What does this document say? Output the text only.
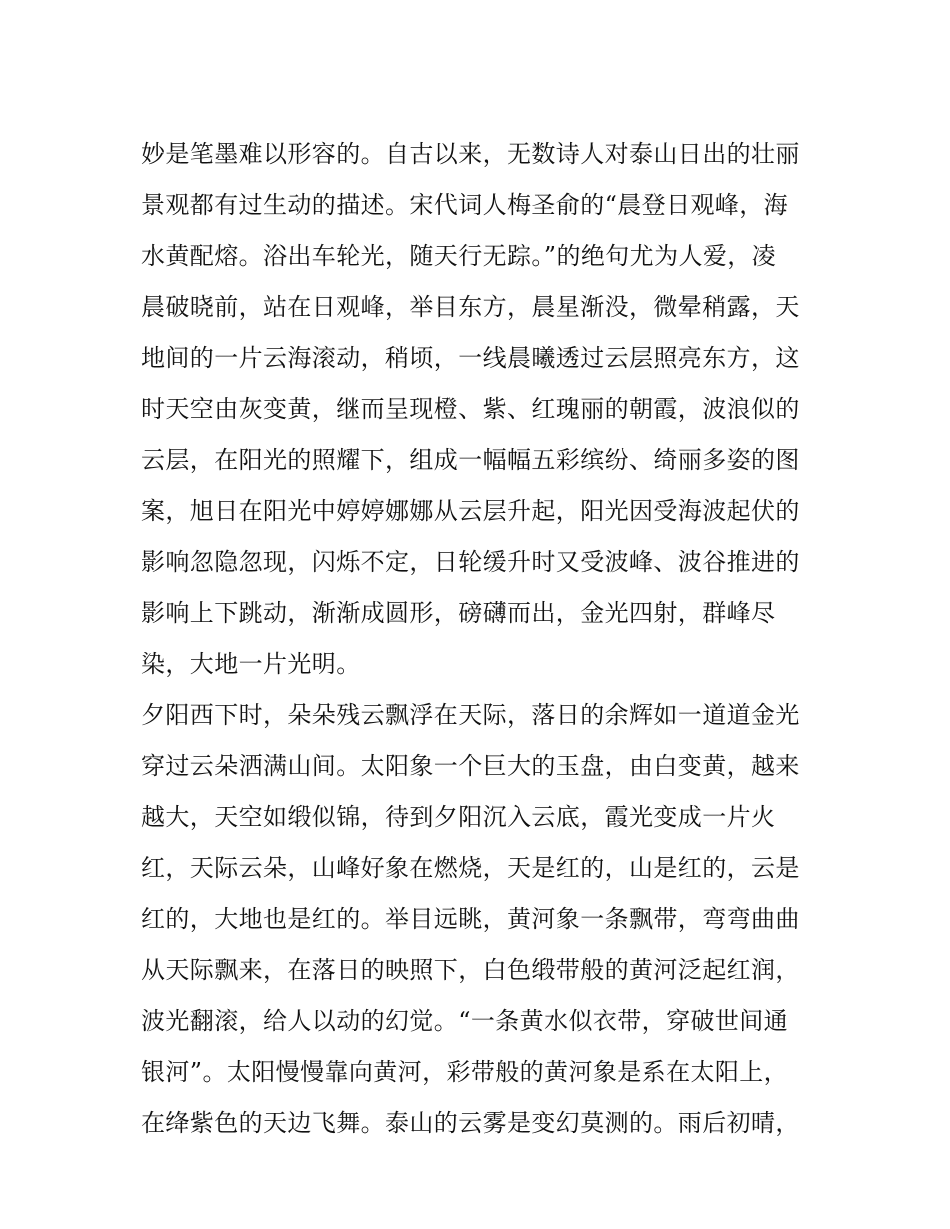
妙是笔墨难以形容的。自古以来，无数诗人对泰山日出的壮丽
景观都有过生动的描述。宋代词人梅圣俞的“晨登日观峰，海
水黄配熔。浴出车轮光，随天行无踪。”的绝句尤为人爱，凌
晨破晓前，站在日观峰，举目东方，晨星渐没，微晕稍露，天
地间的一片云海滚动，稍顷，一线晨曦透过云层照亮东方，这
时天空由灰变黄，继而呈现橙、紫、红瑰丽的朝霞，波浪似的
云层，在阳光的照耀下，组成一幅幅五彩缤纷、绮丽多姿的图
案，旭日在阳光中婷婷娜娜从云层升起，阳光因受海波起伏的
影响忽隐忽现，闪烁不定，日轮缓升时又受波峰、波谷推进的
影响上下跳动，渐渐成圆形，磅礴而出，金光四射，群峰尽
染，大地一片光明。
夕阳西下时，朵朵残云飘浮在天际，落日的余辉如一道道金光
穿过云朵洒满山间。太阳象一个巨大的玉盘，由白变黄，越来
越大，天空如缎似锦，待到夕阳沉入云底，霞光变成一片火
红，天际云朵，山峰好象在燃烧，天是红的，山是红的，云是
红的，大地也是红的。举目远眺，黄河象一条飘带，弯弯曲曲
从天际飘来，在落日的映照下，白色缎带般的黄河泛起红润，
波光翻滚，给人以动的幻觉。“一条黄水似衣带，穿破世间通
银河”。太阳慢慢靠向黄河，彩带般的黄河象是系在太阳上，
在绛紫色的天边飞舞。泰山的云雾是变幻莫测的。雨后初晴，
